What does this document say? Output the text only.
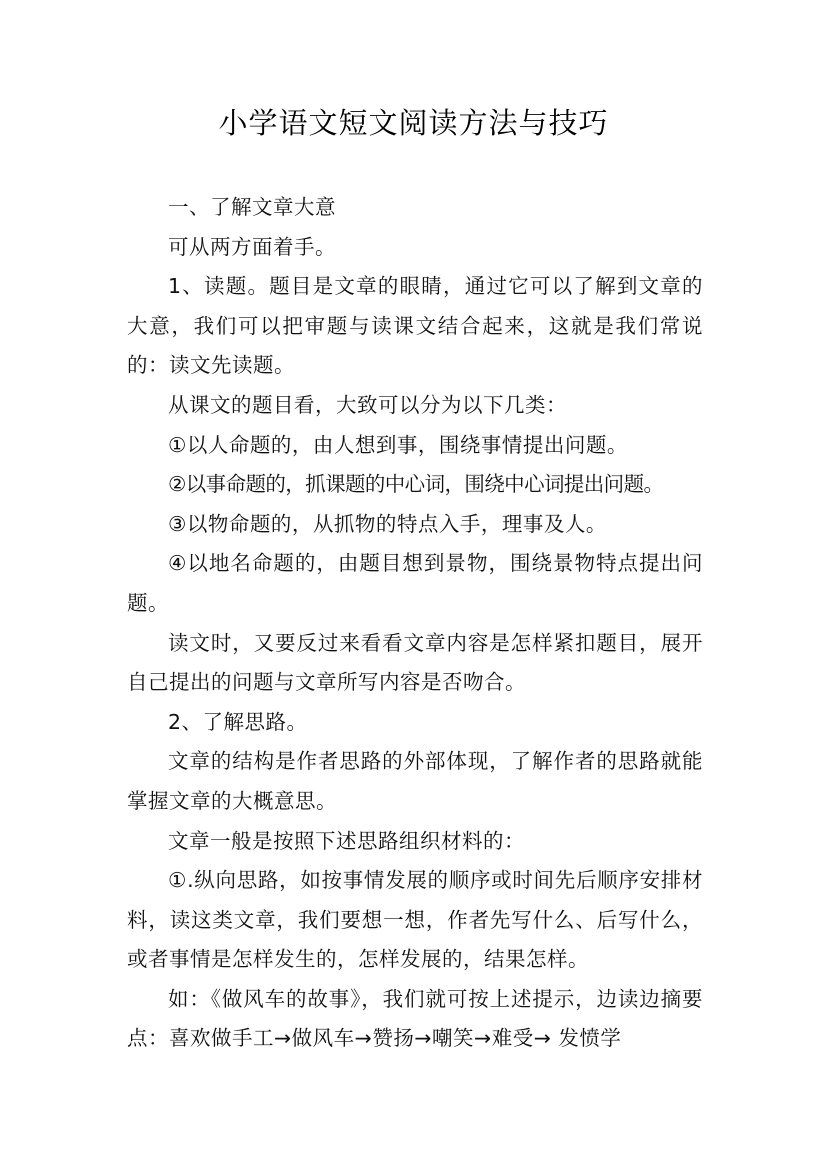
小学语文短文阅读方法与技巧

一、了解文章大意

可从两方面着手。

1、读题。题目是文章的眼睛，通过它可以了解到文章的大意，我们可以把审题与读课文结合起来，这就是我们常说的：读文先读题。

从课文的题目看，大致可以分为以下几类：

①以人命题的，由人想到事，围绕事情提出问题。

②以事命题的，抓课题的中心词，围绕中心词提出问题。

③以物命题的，从抓物的特点入手，理事及人。

④以地名命题的，由题目想到景物，围绕景物特点提出问题。

读文时，又要反过来看看文章内容是怎样紧扣题目，展开自己提出的问题与文章所写内容是否吻合。

2、了解思路。

文章的结构是作者思路的外部体现，了解作者的思路就能掌握文章的大概意思。

文章一般是按照下述思路组织材料的：

①.纵向思路，如按事情发展的顺序或时间先后顺序安排材料，读这类文章，我们要想一想，作者先写什么、后写什么，或者事情是怎样发生的，怎样发展的，结果怎样。

如：《做风车的故事》，我们就可按上述提示，边读边摘要点：喜欢做手工→做风车→赞扬→嘲笑→难受→ 发愤学
